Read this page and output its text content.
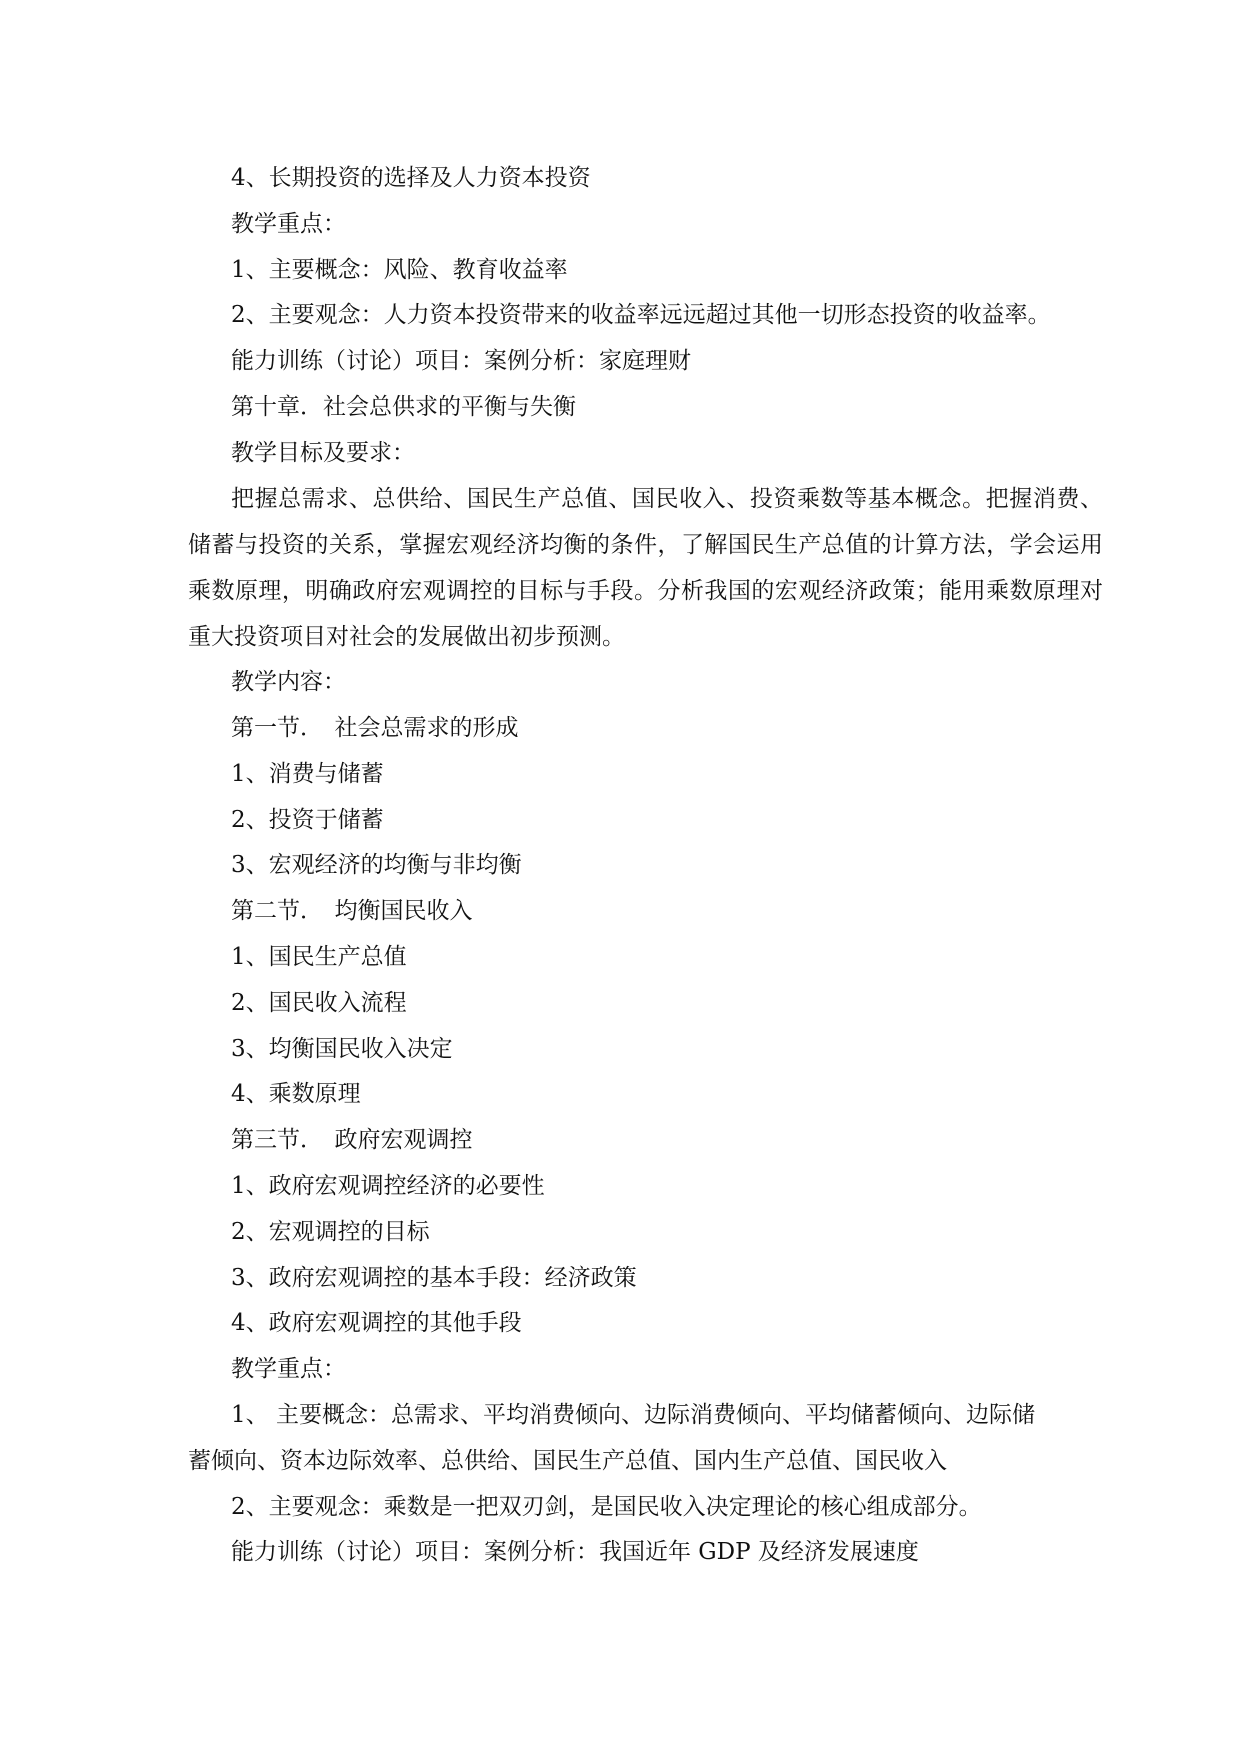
4、长期投资的选择及人力资本投资
教学重点：
1、主要概念：风险、教育收益率
2、主要观念：人力资本投资带来的收益率远远超过其他一切形态投资的收益率。
能力训练（讨论）项目：案例分析：家庭理财
第十章．社会总供求的平衡与失衡
教学目标及要求：
把握总需求、总供给、国民生产总值、国民收入、投资乘数等基本概念。把握消费、储蓄与投资的关系，掌握宏观经济均衡的条件，了解国民生产总值的计算方法，学会运用乘数原理，明确政府宏观调控的目标与手段。分析我国的宏观经济政策；能用乘数原理对重大投资项目对社会的发展做出初步预测。
教学内容：
第一节．　社会总需求的形成
1、消费与储蓄
2、投资于储蓄
3、宏观经济的均衡与非均衡
第二节．　均衡国民收入
1、国民生产总值
2、国民收入流程
3、均衡国民收入决定
4、乘数原理
第三节．　政府宏观调控
1、政府宏观调控经济的必要性
2、宏观调控的目标
3、政府宏观调控的基本手段：经济政策
4、政府宏观调控的其他手段
教学重点：
1、 主要概念：总需求、平均消费倾向、边际消费倾向、平均储蓄倾向、边际储
蓄倾向、资本边际效率、总供给、国民生产总值、国内生产总值、国民收入
2、主要观念：乘数是一把双刃剑，是国民收入决定理论的核心组成部分。
能力训练（讨论）项目：案例分析：我国近年 GDP 及经济发展速度
